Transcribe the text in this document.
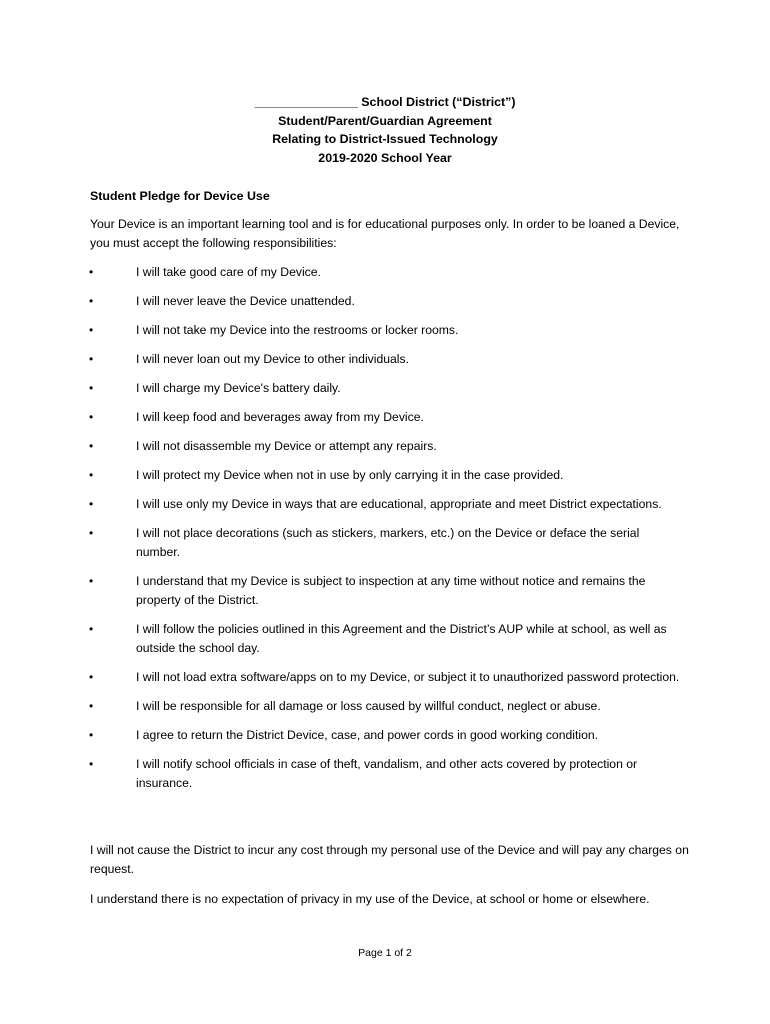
_______________ School District (“District”)
Student/Parent/Guardian Agreement
Relating to District-Issued Technology
2019-2020 School Year
Student Pledge for Device Use
Your Device is an important learning tool and is for educational purposes only. In order to be loaned a Device, you must accept the following responsibilities:
•	I will take good care of my Device.
•	I will never leave the Device unattended.
•	I will not take my Device into the restrooms or locker rooms.
•	I will never loan out my Device to other individuals.
•	I will charge my Device's battery daily.
•	I will keep food and beverages away from my Device.
•	I will not disassemble my Device or attempt any repairs.
•	I will protect my Device when not in use by only carrying it in the case provided.
•	I will use only my Device in ways that are educational, appropriate and meet District expectations.
•	I will not place decorations (such as stickers, markers, etc.) on the Device or deface the serial number.
•	I understand that my Device is subject to inspection at any time without notice and remains the property of the District.
•	I will follow the policies outlined in this Agreement and the District’s AUP while at school, as well as outside the school day.
•	I will not load extra software/apps on to my Device, or subject it to unauthorized password protection.
•	I will be responsible for all damage or loss caused by willful conduct, neglect or abuse.
•	I agree to return the District Device, case, and power cords in good working condition.
•	I will notify school officials in case of theft, vandalism, and other acts covered by protection or insurance.
I will not cause the District to incur any cost through my personal use of the Device and will pay any charges on request.
I understand there is no expectation of privacy in my use of the Device, at school or home or elsewhere.
Page 1 of 2
